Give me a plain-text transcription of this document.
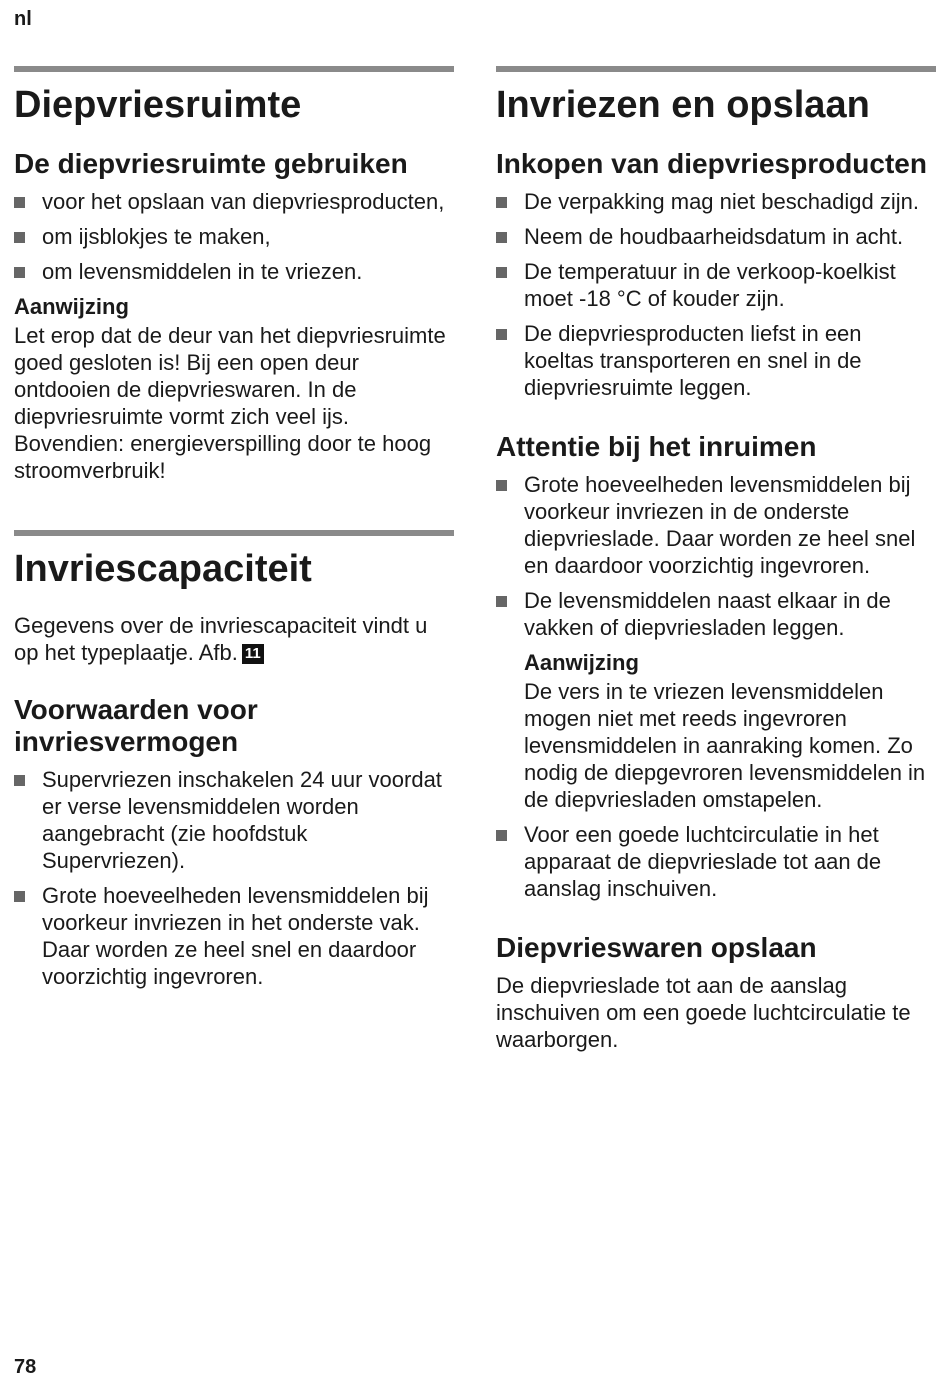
nl
Diepvriesruimte
De diepvriesruimte gebruiken
voor het opslaan van diepvriesproducten,
om ijsblokjes te maken,
om levensmiddelen in te vriezen.
Aanwijzing

Let erop dat de deur van het diepvriesruimte goed gesloten is! Bij een open deur ontdooien de diepvrieswaren. In de diepvriesruimte vormt zich veel ijs. Bovendien: energieverspilling door te hoog stroomverbruik!

Invriescapaciteit

Gegevens over de invriescapaciteit vindt u op het typeplaatje. Afb. 11

Voorwaarden voor invriesvermogen
Supervriezen inschakelen 24 uur voordat er verse levensmiddelen worden aangebracht (zie hoofdstuk Supervriezen).
Grote hoeveelheden levensmiddelen bij voorkeur invriezen in het onderste vak. Daar worden ze heel snel en daardoor voorzichtig ingevroren.
Invriezen en opslaan
Inkopen van diepvriesproducten
De verpakking mag niet beschadigd zijn.
Neem de houdbaarheidsdatum in acht.
De temperatuur in de verkoop-koelkist moet -18 °C of kouder zijn.
De diepvriesproducten liefst in een koeltas transporteren en snel in de diepvriesruimte leggen.
Attentie bij het inruimen
Grote hoeveelheden levensmiddelen bij voorkeur invriezen in de onderste diepvrieslade. Daar worden ze heel snel en daardoor voorzichtig ingevroren.
De levensmiddelen naast elkaar in de vakken of diepvriesladen leggen.
Aanwijzing

De vers in te vriezen levensmiddelen mogen niet met reeds ingevroren levensmiddelen in aanraking komen. Zo nodig de diepgevroren levensmiddelen in de diepvriesladen omstapelen.

Voor een goede luchtcirculatie in het apparaat de diepvrieslade tot aan de aanslag inschuiven.
Diepvrieswaren opslaan

De diepvrieslade tot aan de aanslag inschuiven om een goede luchtcirculatie te waarborgen.

78
